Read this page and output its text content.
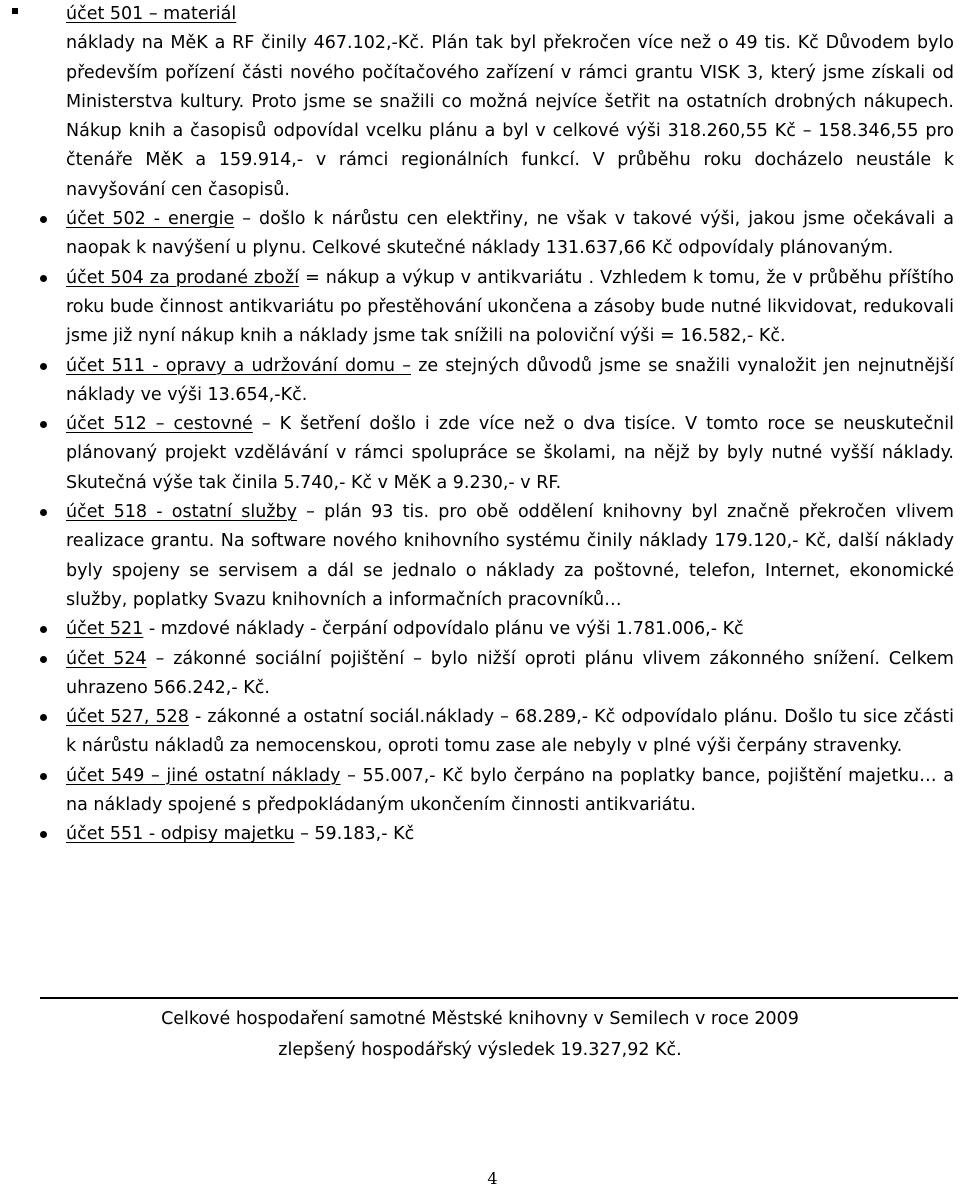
účet 501 – materiál
náklady na MěK a RF činily 467.102,-Kč. Plán tak byl překročen více než o 49 tis. Kč Důvodem bylo především pořízení části nového počítačového zařízení v rámci grantu VISK 3, který jsme získali od Ministerstva kultury. Proto jsme se snažili co možná nejvíce šetřit na ostatních drobných nákupech. Nákup knih a časopisů odpovídal vcelku plánu a byl v celkové výši 318.260,55 Kč – 158.346,55 pro čtenáře MěK a 159.914,- v rámci regionálních funkcí. V průběhu roku docházelo neustále k navyšování cen časopisů.

účet 502 - energie – došlo k nárůstu cen elektřiny, ne však v takové výši, jakou jsme očekávali a naopak k navýšení u plynu. Celkové skutečné náklady 131.637,66 Kč odpovídaly plánovaným.

účet 504 za prodané zboží = nákup a výkup v antikvariátu . Vzhledem k tomu, že v průběhu příštího roku bude činnost antikvariátu po přestěhování ukončena a zásoby bude nutné likvidovat, redukovali jsme již nyní nákup knih a náklady jsme tak snížili na poloviční výši = 16.582,- Kč.

účet 511 - opravy a udržování domu – ze stejných důvodů jsme se snažili vynaložit jen nejnutnější náklady ve výši 13.654,-Kč.

účet 512 – cestovné – K šetření došlo i zde více než o dva tisíce. V tomto roce se neuskutečnil plánovaný projekt vzdělávání v rámci spolupráce se školami, na nějž by byly nutné vyšší náklady. Skutečná výše tak činila 5.740,- Kč v MěK a 9.230,- v RF.

účet 518 - ostatní služby – plán 93 tis. pro obě oddělení knihovny byl značně překročen vlivem realizace grantu. Na software nového knihovního systému činily náklady 179.120,- Kč, další náklady byly spojeny se servisem a dál se jednalo o náklady za poštovné, telefon, Internet, ekonomické služby, poplatky Svazu knihovních a informačních pracovníků…

účet 521 - mzdové náklady - čerpání odpovídalo plánu ve výši 1.781.006,- Kč

účet 524 – zákonné sociální pojištění – bylo nižší oproti plánu vlivem zákonného snížení. Celkem uhrazeno 566.242,- Kč.

účet 527, 528 - zákonné a ostatní sociál.náklady – 68.289,- Kč odpovídalo plánu. Došlo tu sice zčásti k nárůstu nákladů za nemocenskou, oproti tomu zase ale nebyly v plné výši čerpány stravenky.

účet 549 – jiné ostatní náklady – 55.007,- Kč bylo čerpáno na poplatky bance, pojištění majetku… a na náklady spojené s předpokládaným ukončením činnosti antikvariátu.

účet 551 - odpisy majetku – 59.183,- Kč

Celkové hospodaření samotné Městské knihovny v Semilech v roce 2009
zlepšený hospodářský výsledek 19.327,92 Kč.
4
